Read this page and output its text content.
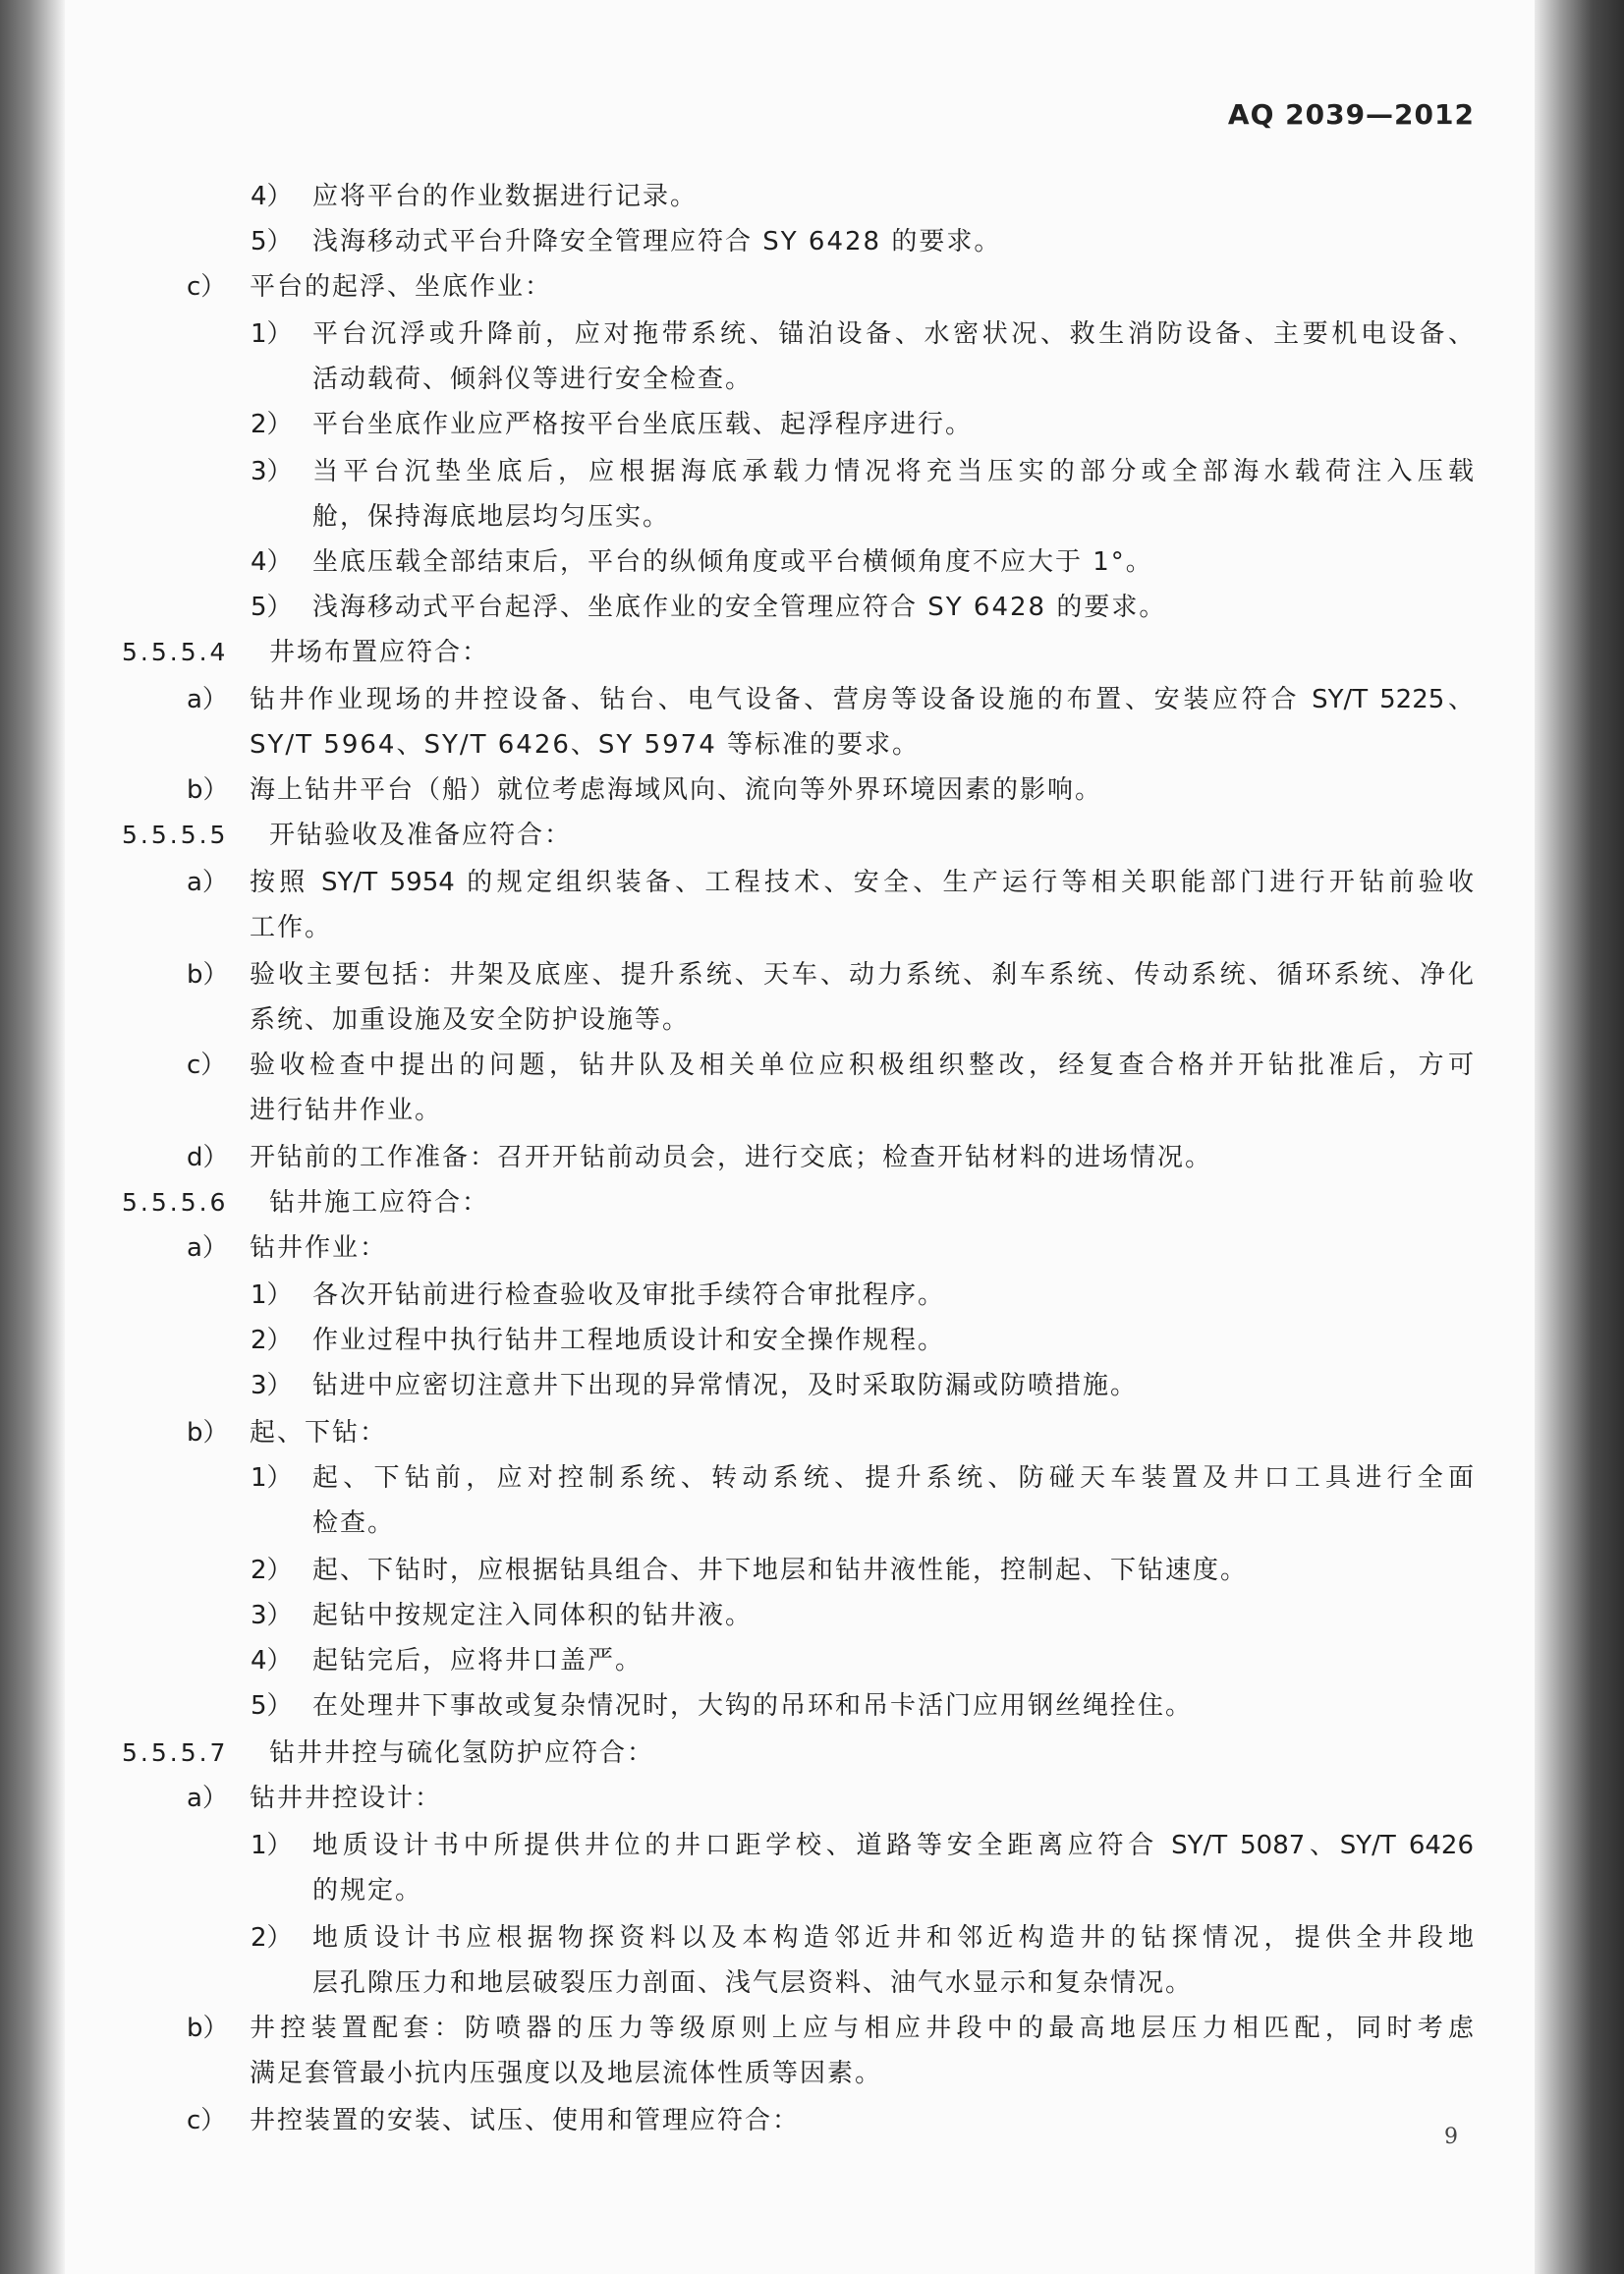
AQ 2039—2012
4） 应将平台的作业数据进行记录。
5） 浅海移动式平台升降安全管理应符合 SY 6428 的要求。
c） 平台的起浮、坐底作业：
1） 平台沉浮或升降前，应对拖带系统、锚泊设备、水密状况、救生消防设备、主要机电设备、
活动载荷、倾斜仪等进行安全检查。
2） 平台坐底作业应严格按平台坐底压载、起浮程序进行。
3） 当平台沉垫坐底后，应根据海底承载力情况将充当压实的部分或全部海水载荷注入压载
舱，保持海底地层均匀压实。
4） 坐底压载全部结束后，平台的纵倾角度或平台横倾角度不应大于 1°。
5） 浅海移动式平台起浮、坐底作业的安全管理应符合 SY 6428 的要求。
5.5.5.4 井场布置应符合：
a） 钻井作业现场的井控设备、钻台、电气设备、营房等设备设施的布置、安装应符合 SY/T 5225、
SY/T 5964、SY/T 6426、SY 5974 等标准的要求。
b） 海上钻井平台（船）就位考虑海域风向、流向等外界环境因素的影响。
5.5.5.5 开钻验收及准备应符合：
a） 按照 SY/T 5954 的规定组织装备、工程技术、安全、生产运行等相关职能部门进行开钻前验收
工作。
b） 验收主要包括：井架及底座、提升系统、天车、动力系统、刹车系统、传动系统、循环系统、净化
系统、加重设施及安全防护设施等。
c） 验收检查中提出的问题，钻井队及相关单位应积极组织整改，经复查合格并开钻批准后，方可
进行钻井作业。
d） 开钻前的工作准备：召开开钻前动员会，进行交底；检查开钻材料的进场情况。
5.5.5.6 钻井施工应符合：
a） 钻井作业：
1） 各次开钻前进行检查验收及审批手续符合审批程序。
2） 作业过程中执行钻井工程地质设计和安全操作规程。
3） 钻进中应密切注意井下出现的异常情况，及时采取防漏或防喷措施。
b） 起、下钻：
1） 起、下钻前，应对控制系统、转动系统、提升系统、防碰天车装置及井口工具进行全面
检查。
2） 起、下钻时，应根据钻具组合、井下地层和钻井液性能，控制起、下钻速度。
3） 起钻中按规定注入同体积的钻井液。
4） 起钻完后，应将井口盖严。
5） 在处理井下事故或复杂情况时，大钩的吊环和吊卡活门应用钢丝绳拴住。
5.5.5.7 钻井井控与硫化氢防护应符合：
a） 钻井井控设计：
1） 地质设计书中所提供井位的井口距学校、道路等安全距离应符合 SY/T 5087、SY/T 6426
的规定。
2） 地质设计书应根据物探资料以及本构造邻近井和邻近构造井的钻探情况，提供全井段地
层孔隙压力和地层破裂压力剖面、浅气层资料、油气水显示和复杂情况。
b） 井控装置配套：防喷器的压力等级原则上应与相应井段中的最高地层压力相匹配，同时考虑
满足套管最小抗内压强度以及地层流体性质等因素。
c） 井控装置的安装、试压、使用和管理应符合：
9
